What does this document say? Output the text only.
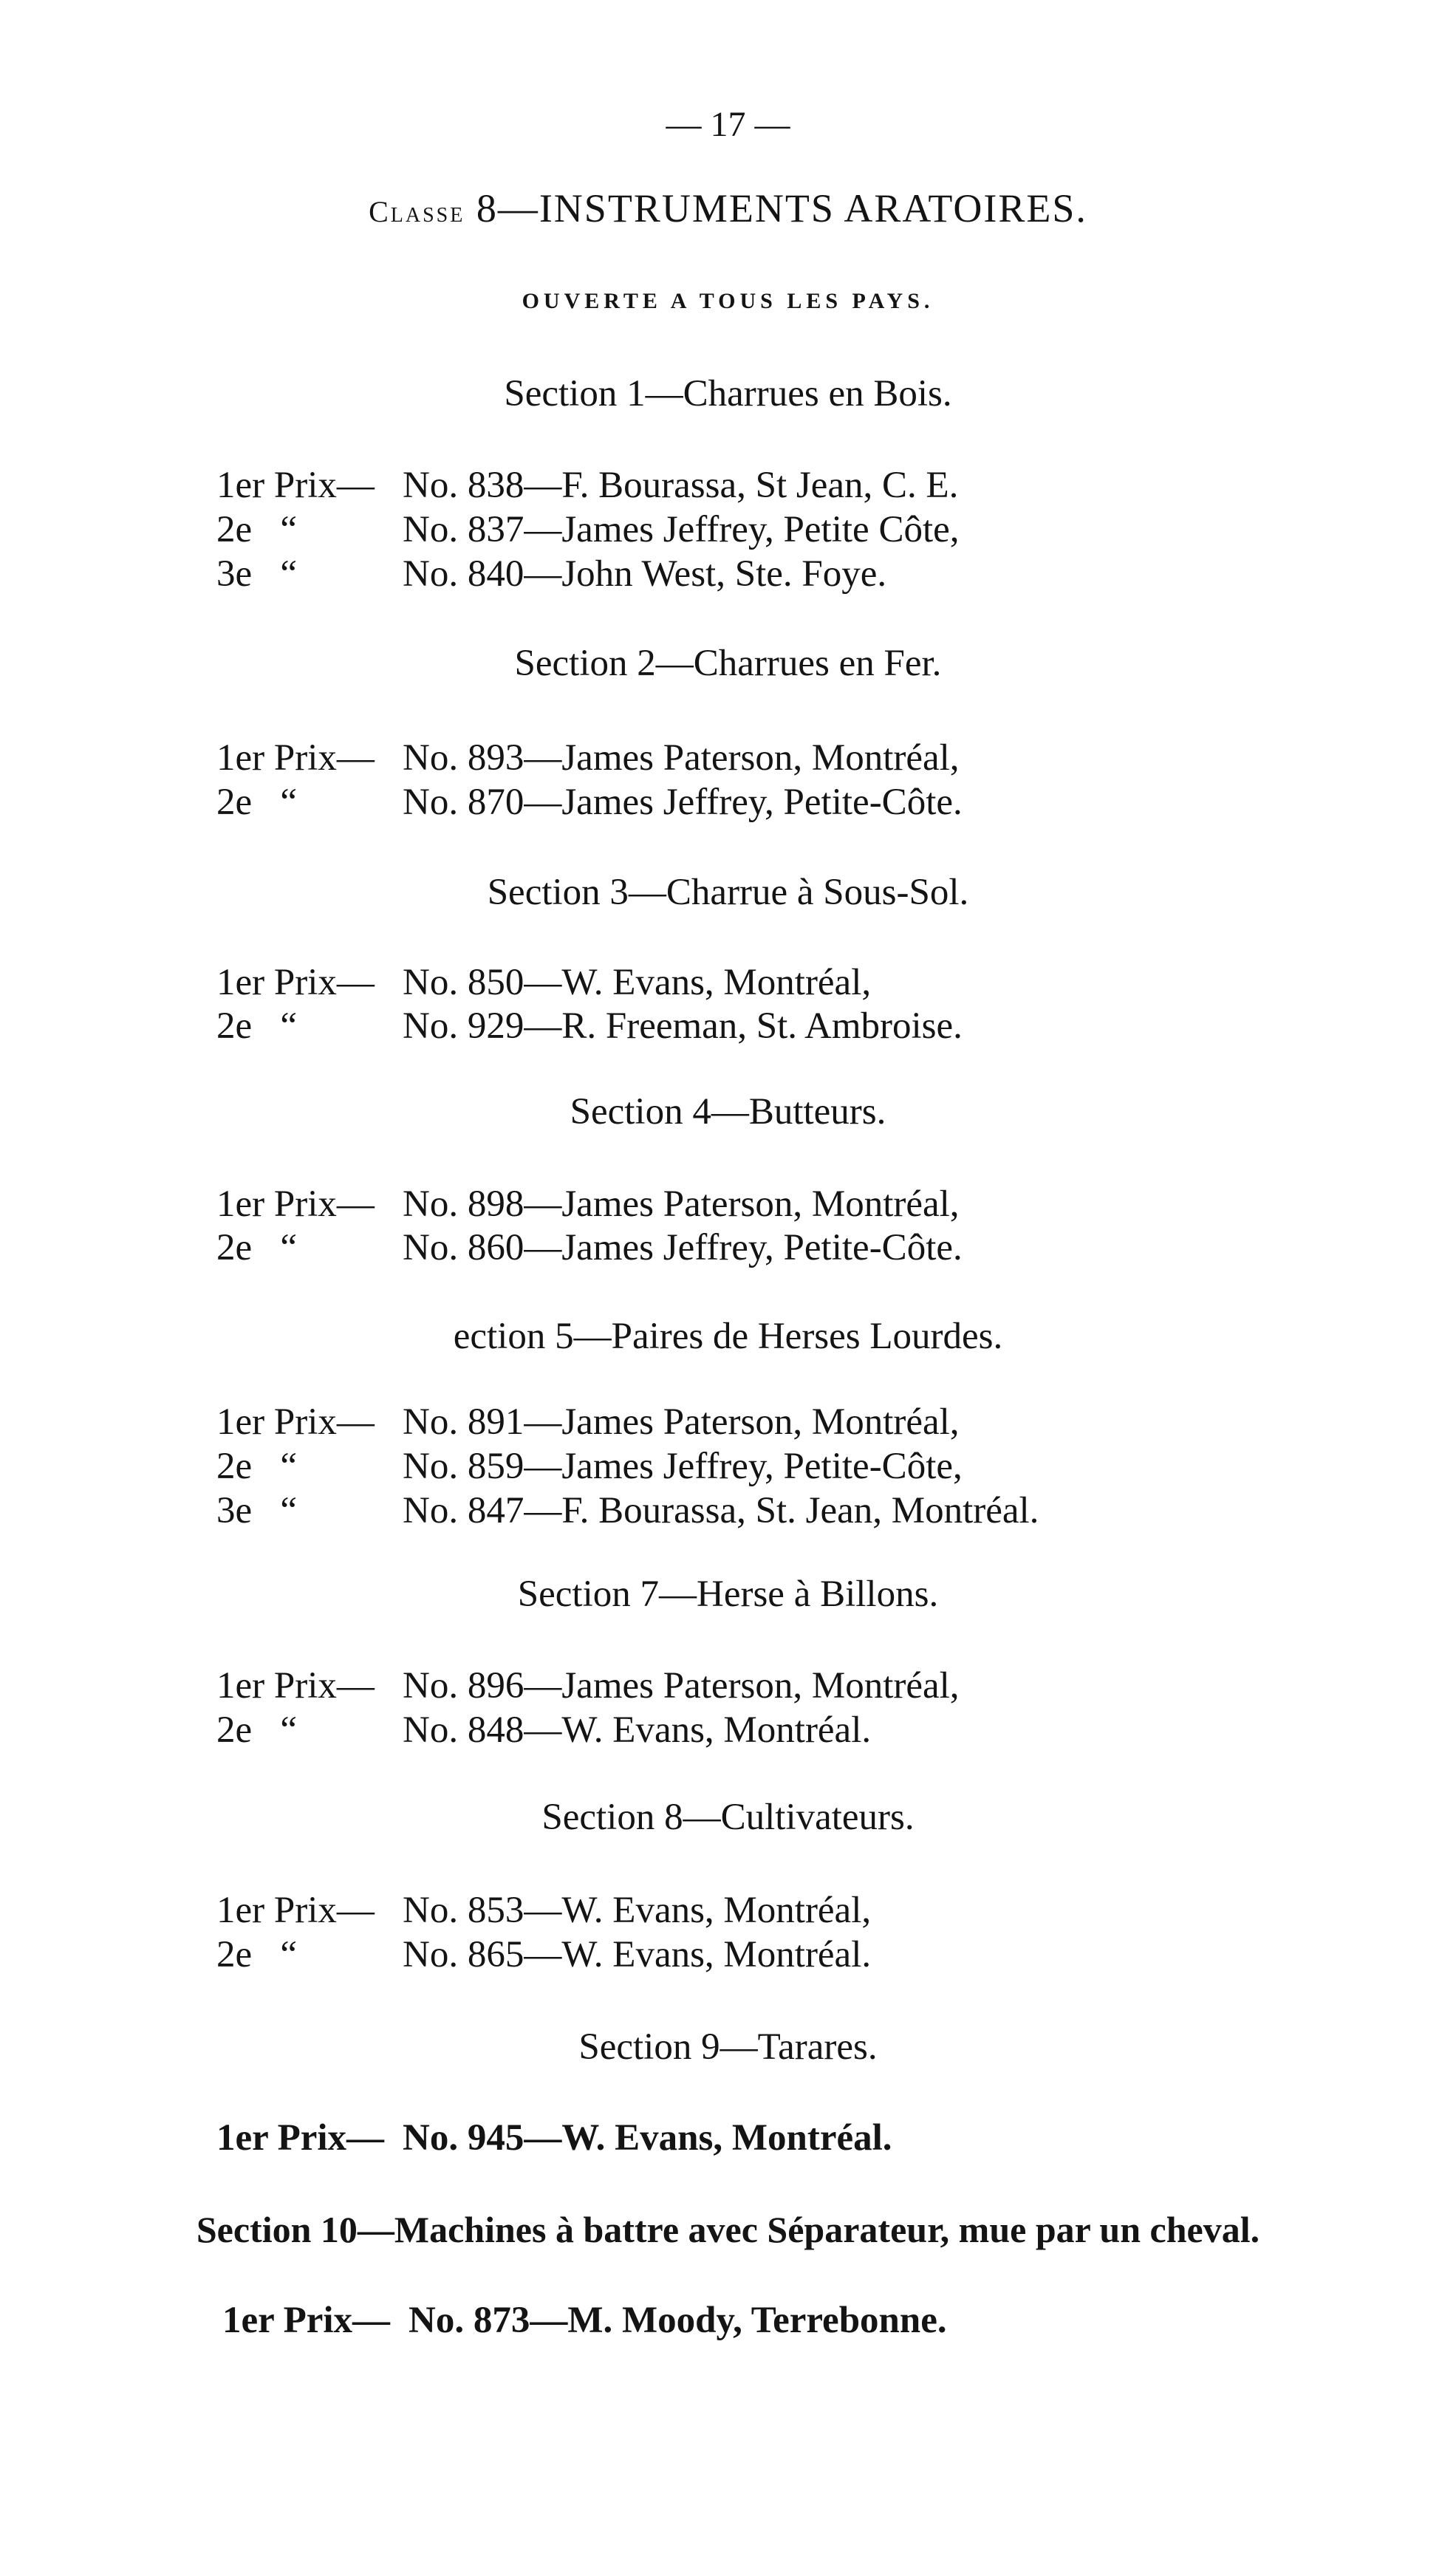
— 17 —
Classe 8—INSTRUMENTS ARATOIRES.
OUVERTE A TOUS LES PAYS.
Section 1—Charrues en Bois.
1er Prix— No. 838—F. Bourassa, St Jean, C. E.
2e   “	No. 837—James Jeffrey, Petite Côte,
3e   “	No. 840—John West, Ste. Foye.
Section 2—Charrues en Fer.
1er Prix— No. 893—James Paterson, Montréal,
2e   “	No. 870—James Jeffrey, Petite-Côte.
Section 3—Charrue à Sous-Sol.
1er Prix— No. 850—W. Evans, Montréal,
2e   “	No. 929—R. Freeman, St. Ambroise.
Section 4—Butteurs.
1er Prix— No. 898—James Paterson, Montréal,
2e   “	No. 860—James Jeffrey, Petite-Côte.
ection 5—Paires de Herses Lourdes.
1er Prix— No. 891—James Paterson, Montréal,
2e   “	No. 859—James Jeffrey, Petite-Côte,
3e   “	No. 847—F. Bourassa, St. Jean, Montréal.
Section 7—Herse à Billons.
1er Prix— No. 896—James Paterson, Montréal,
2e   “	No. 848—W. Evans, Montréal.
Section 8—Cultivateurs.
1er Prix— No. 853—W. Evans, Montréal,
2e   “	No. 865—W. Evans, Montréal.
Section 9—Tarares.
1er Prix— No. 945—W. Evans, Montréal.
Section 10—Machines à battre avec Séparateur, mue par un cheval.
1er Prix— No. 873—M. Moody, Terrebonne.
